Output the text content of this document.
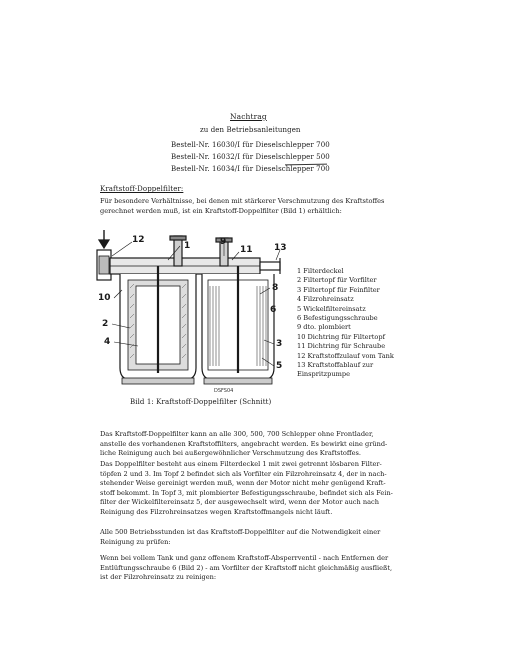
Nachtrag
zu den Betriebsanleitungen
Bestell-Nr. 16030/I für Dieselschlepper 700
Bestell-Nr. 16032/I für Dieselschlepper 500
Bestell-Nr. 16034/I für Dieselschlepper 700
Kraftstoff-Doppelfilter:
Für besondere Verhältnisse, bei denen mit stärkerer Verschmutzung des Kraftstoffes
gerechnet werden muß, ist ein Kraftstoff-Doppelfilter (Bild 1) erhältlich:
12
1	9
11 13
10
2
4
8
3
5
6
DSFS04
Bild 1: Kraftstoff-Doppelfilter (Schnitt)
1 Filterdeckel
2 Filtertopf für Vorfilter
3 Filtertopf für Feinfilter
4 Filzrohreinsatz
5 Wickelfiltereinsatz
6 Befestigungsschraube
9 dto. plombiert
10 Dichtring für Filtertopf
11 Dichtring für Schraube
12 Kraftstoffzulauf vom Tank
13 Kraftstoffablauf zur
Einspritzpumpe
Das Kraftstoff-Doppelfilter kann an alle 300, 500, 700 Schlepper ohne Frontlader,
anstelle des vorhandenen Kraftstoffilters, angebracht werden. Es bewirkt eine gründ-
liche Reinigung auch bei außergewöhnlicher Verschmutzung des Kraftstoffes.
Das Doppelfilter besteht aus einem Filterdeckel 1 mit zwei getrennt lösbaren Filter-
töpfen 2 und 3. Im Topf 2 befindet sich als Vorfilter ein Filzrohreinsatz 4, der in nach-
stehender Weise gereinigt werden muß, wenn der Motor nicht mehr genügend Kraft-
stoff bekommt. In Topf 3, mit plombierter Befestigungsschraube, befindet sich als Fein-
filter der Wickelfiltereinsatz 5, der ausgewechselt wird, wenn der Motor auch nach
Reinigung des Filzrohreinsatzes wegen Kraftstoffmangels nicht läuft.
Alle 500 Betriebsstunden ist das Kraftstoff-Doppelfilter auf die Notwendigkeit einer
Reinigung zu prüfen:
Wenn bei vollem Tank und ganz offenem Kraftstoff-Absperrventil - nach Entfernen der
Entlüftungsschraube 6 (Bild 2) - am Vorfilter der Kraftstoff nicht gleichmäßig ausfließt,
ist der Filzrohreinsatz zu reinigen:
